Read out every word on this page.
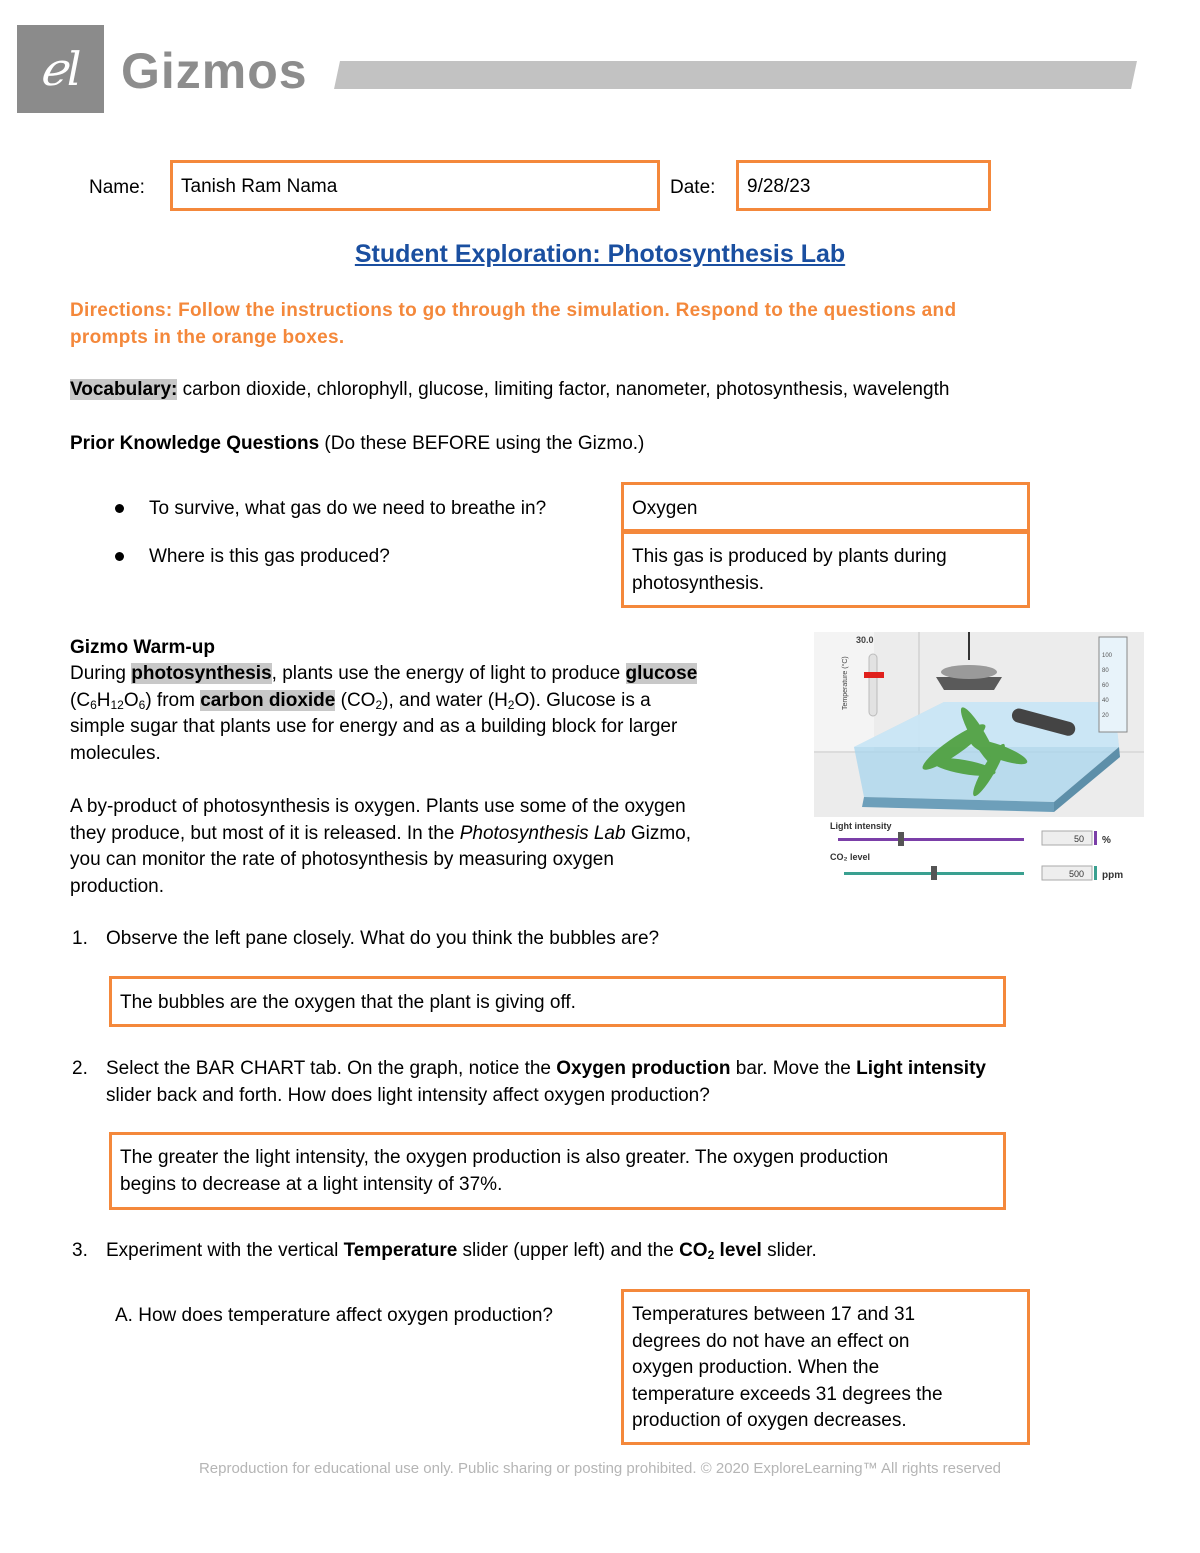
ℯl Gizmos
Name:	Tanish Ram Nama	Date:	9/28/23
Student Exploration: Photosynthesis Lab
Directions: Follow the instructions to go through the simulation. Respond to the questions and
prompts in the orange boxes.
Vocabulary: carbon dioxide, chlorophyll, glucose, limiting factor, nanometer, photosynthesis, wavelength
Prior Knowledge Questions (Do these BEFORE using the Gizmo.)
To survive, what gas do we need to breathe in?	Oxygen
Where is this gas produced?	This gas is produced by plants during
photosynthesis.
Gizmo Warm-up
During photosynthesis, plants use the energy of light to produce glucose
$(C_6H_{12}O_6)$ from carbon dioxide $(CO_2)$, and water $(H_2O)$. Glucose is a
simple sugar that plants use for energy and as a building block for larger
molecules.
A by-product of photosynthesis is oxygen. Plants use some of the oxygen
they produce, but most of it is released. In the Photosynthesis Lab Gizmo,
you can monitor the rate of photosynthesis by measuring oxygen
production.
30.0
Temperature (°C)
100
80
60
40
20
Light intensity
50 %
CO₂ level
500 ppm
1. Observe the left pane closely. What do you think the bubbles are?
The bubbles are the oxygen that the plant is giving off.
2. Select the BAR CHART tab. On the graph, notice the Oxygen production bar. Move the Light intensity
slider back and forth. How does light intensity affect oxygen production?
The greater the light intensity, the oxygen production is also greater. The oxygen production
begins to decrease at a light intensity of 37%.
3. Experiment with the vertical Temperature slider (upper left) and the $CO_2$ level slider.
A. How does temperature affect oxygen production?	Temperatures between 17 and 31
degrees do not have an effect on
oxygen production. When the
temperature exceeds 31 degrees the
production of oxygen decreases.
Reproduction for educational use only. Public sharing or posting prohibited. © 2020 ExploreLearning™ All rights reserved
